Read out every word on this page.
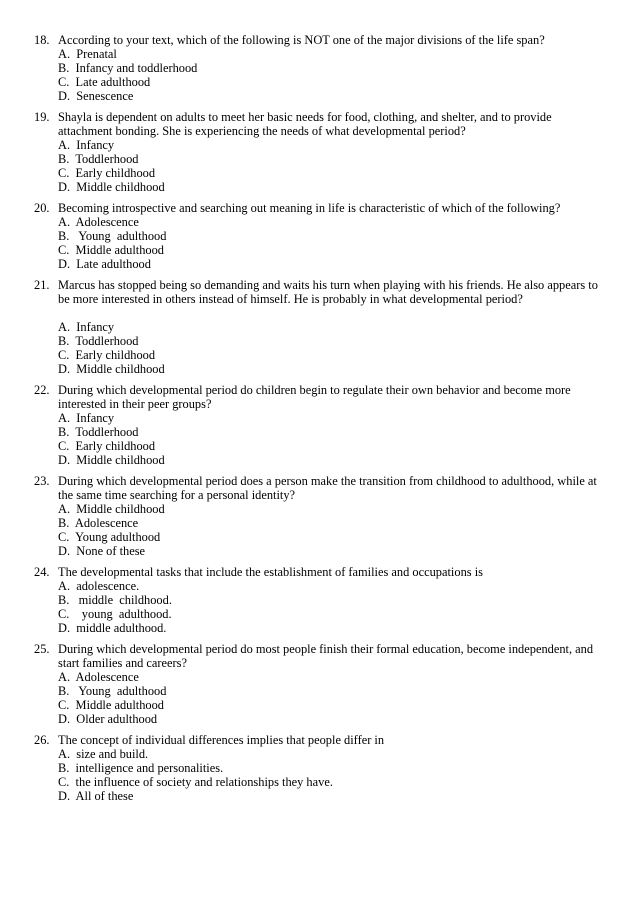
18. According to your text, which of the following is NOT one of the major divisions of the life span?
A.  Prenatal
B.  Infancy and toddlerhood
C.  Late adulthood
D.  Senescence
19. Shayla is dependent on adults to meet her basic needs for food, clothing, and shelter, and to provide attachment bonding. She is experiencing the needs of what developmental period?
A.  Infancy
B.  Toddlerhood
C.  Early childhood
D.  Middle childhood
20. Becoming introspective and searching out meaning in life is characteristic of which of the following?
A.  Adolescence
B.   Young  adulthood
C.  Middle adulthood
D.  Late adulthood
21. Marcus has stopped being so demanding and waits his turn when playing with his friends. He also appears to be more interested in others instead of himself. He is probably in what developmental period?
A.  Infancy
B.  Toddlerhood
C.  Early childhood
D.  Middle childhood
22. During which developmental period do children begin to regulate their own behavior and become more interested in their peer groups?
A.  Infancy
B.  Toddlerhood
C.  Early childhood
D.  Middle childhood
23. During which developmental period does a person make the transition from childhood to adulthood, while at the same time searching for a personal identity?
A.  Middle childhood
B.  Adolescence
C.  Young adulthood
D.  None of these
24. The developmental tasks that include the establishment of families and occupations is
A.  adolescence.
B.   middle  childhood.
C.    young  adulthood.
D.  middle adulthood.
25. During which developmental period do most people finish their formal education, become independent, and start families and careers?
A.  Adolescence
B.   Young  adulthood
C.  Middle adulthood
D.  Older adulthood
26. The concept of individual differences implies that people differ in
A.  size and build.
B.  intelligence and personalities.
C.  the influence of society and relationships they have.
D.  All of these
